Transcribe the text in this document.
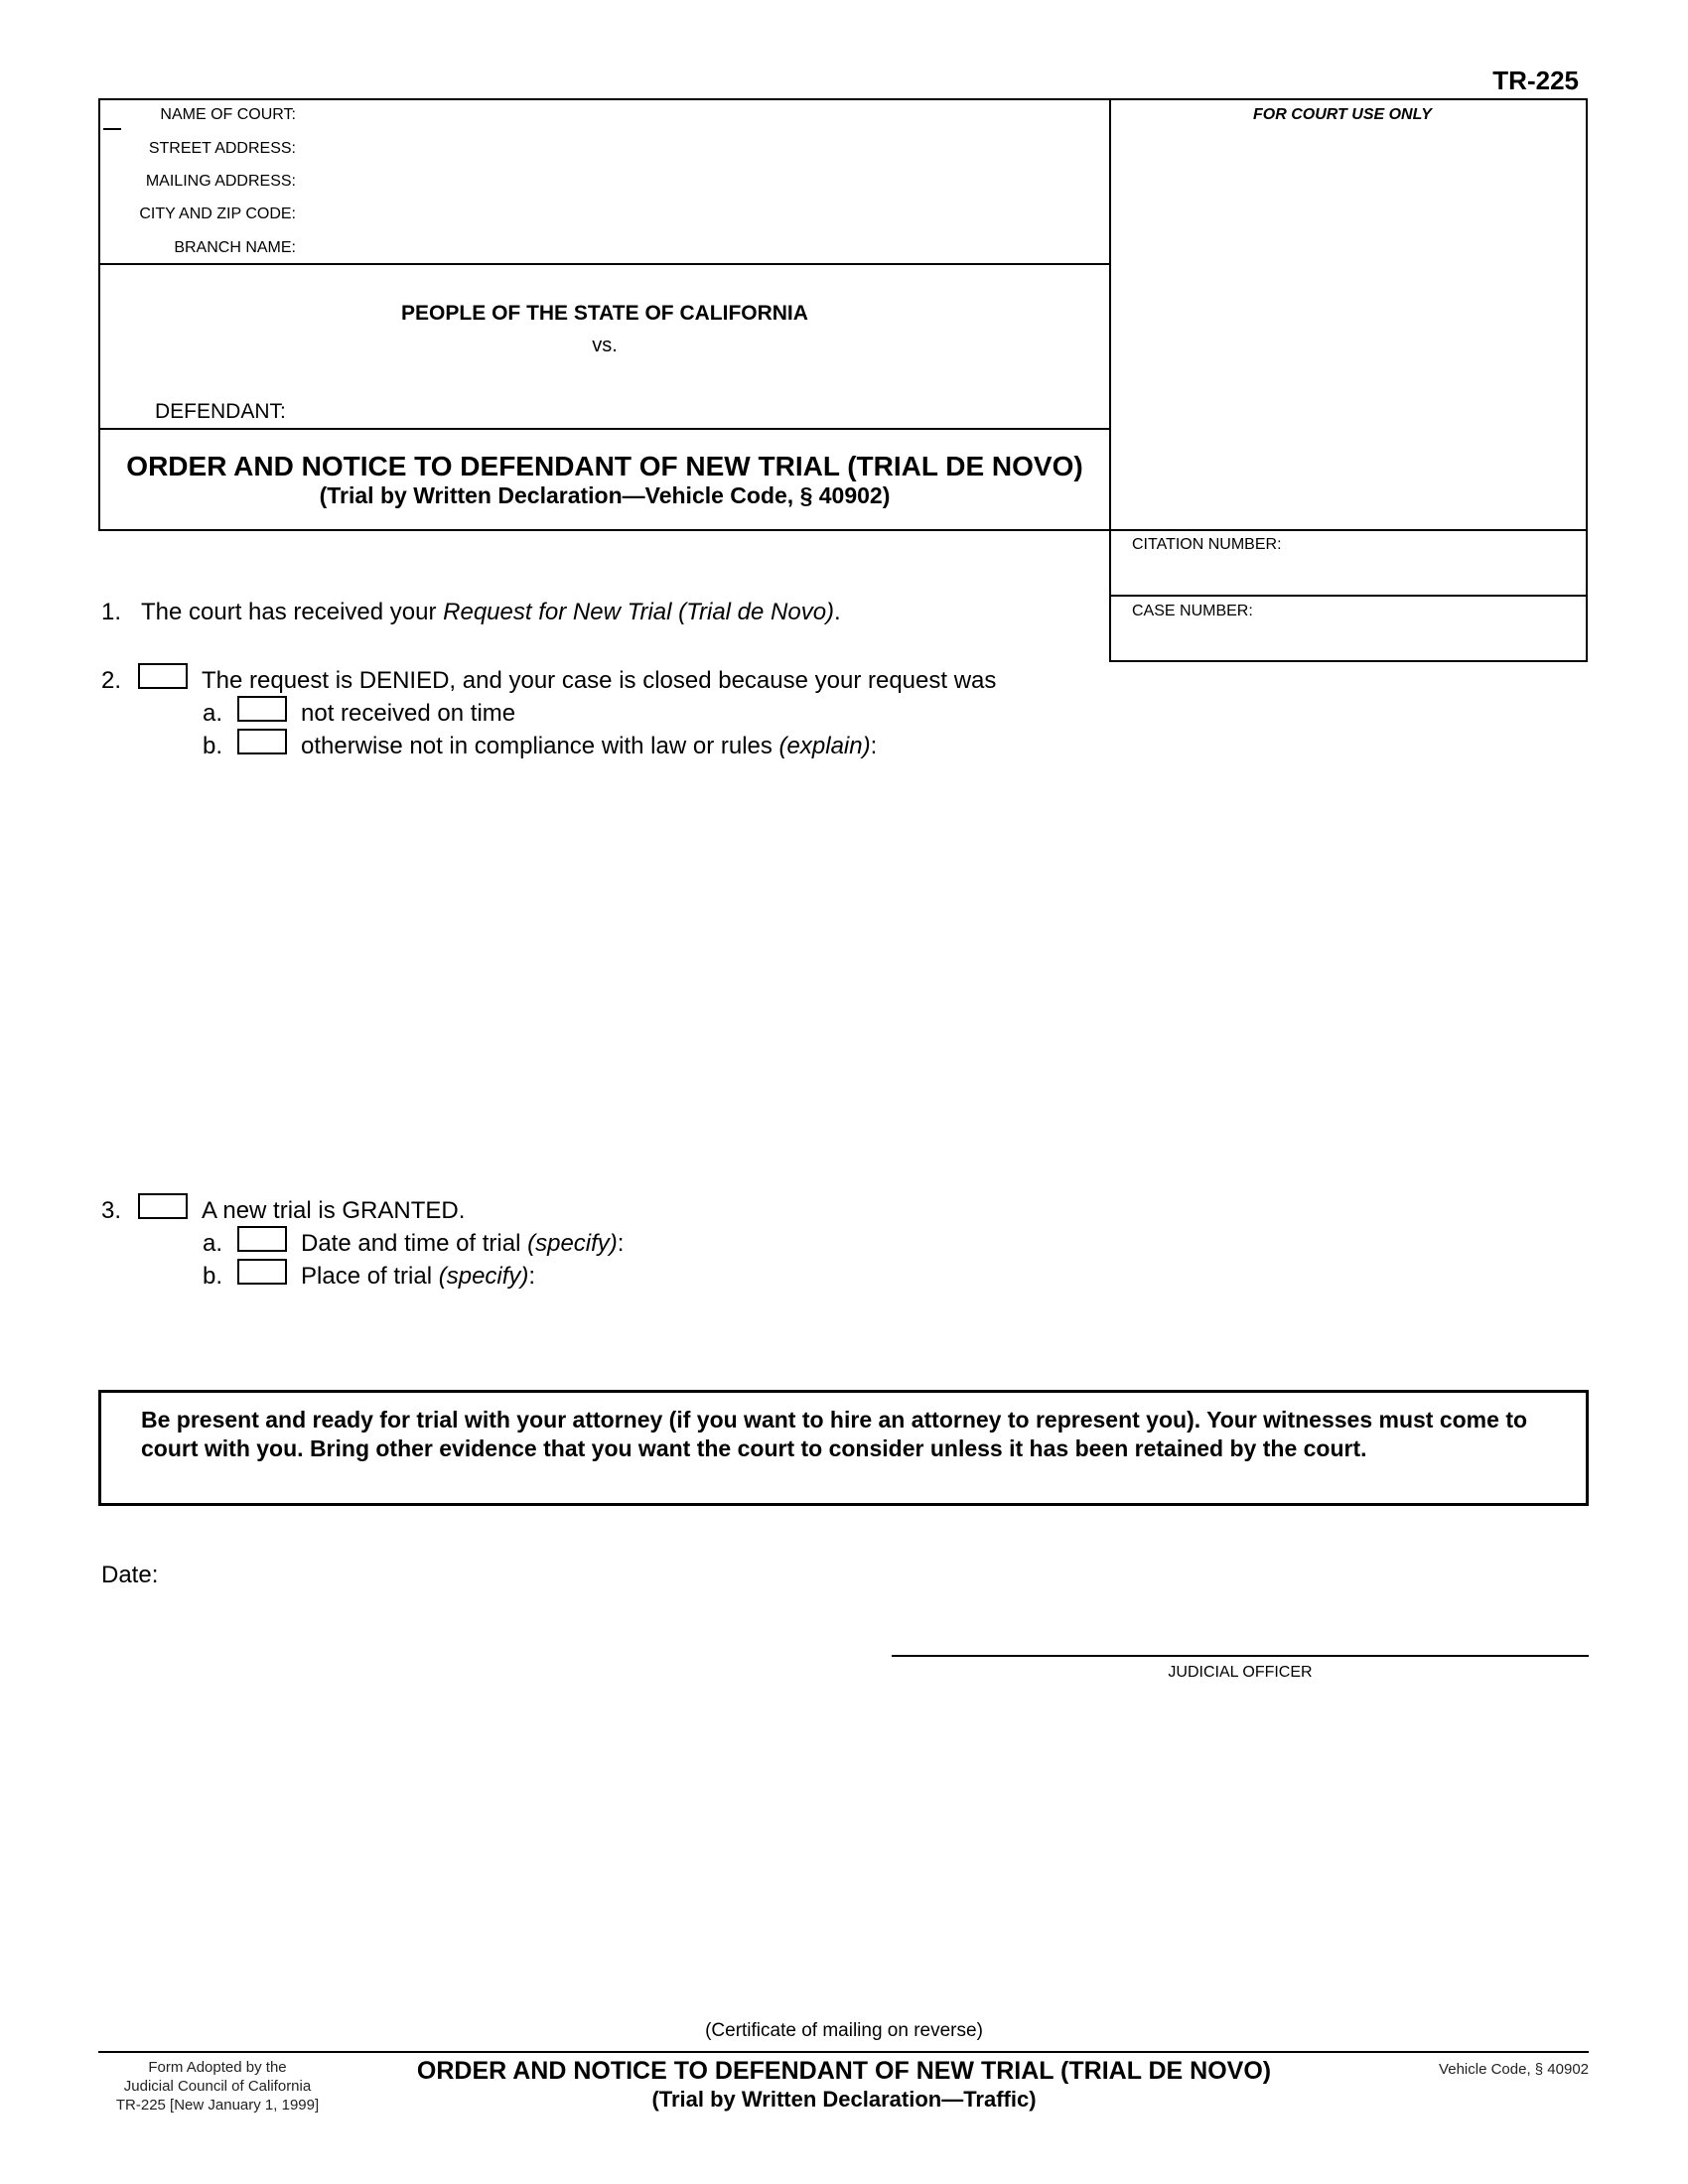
TR-225
NAME OF COURT:
STREET ADDRESS:
MAILING ADDRESS:
CITY AND ZIP CODE:
BRANCH NAME:
FOR COURT USE ONLY
PEOPLE OF THE STATE OF CALIFORNIA
vs.
DEFENDANT:
ORDER AND NOTICE TO DEFENDANT OF NEW TRIAL (TRIAL DE NOVO)
(Trial by Written Declaration—Vehicle Code, § 40902)
CITATION NUMBER:
CASE NUMBER:
1. The court has received your Request for New Trial (Trial de Novo).
2.	The request is DENIED, and your case is closed because your request was
a.	not received on time
b.	otherwise not in compliance with law or rules (explain):
3.	A new trial is GRANTED.
a.	Date and time of trial (specify):
b.	Place of trial (specify):
Be present and ready for trial with your attorney (if you want to hire an attorney to represent you). Your witnesses must come to court with you. Bring other evidence that you want the court to consider unless it has been retained by the court.
Date:
JUDICIAL OFFICER
(Certificate of mailing on reverse)
Form Adopted by the
Judicial Council of California
TR-225 [New January 1, 1999]
ORDER AND NOTICE TO DEFENDANT OF NEW TRIAL (TRIAL DE NOVO)
(Trial by Written Declaration—Traffic)
Vehicle Code, § 40902
